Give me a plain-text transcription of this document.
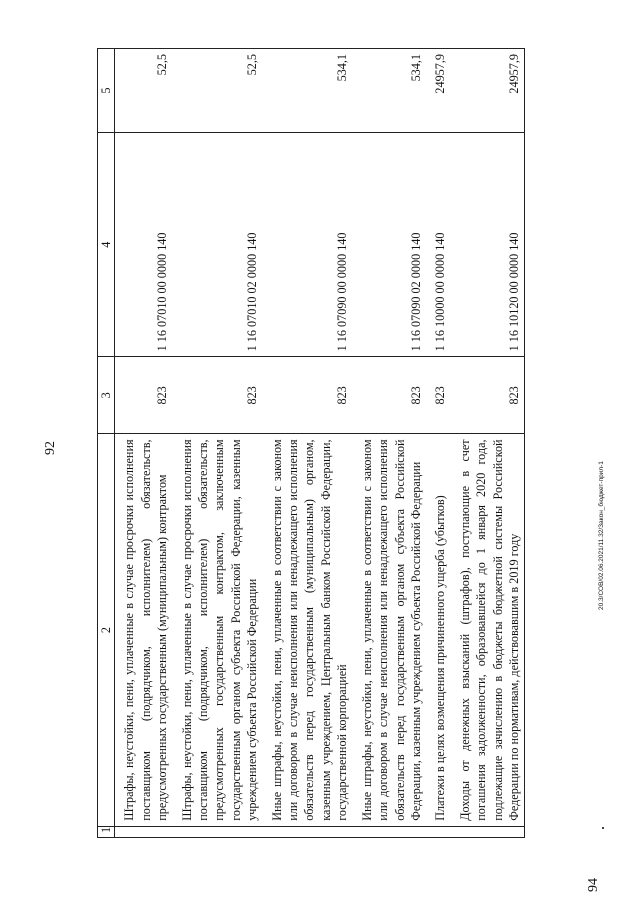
92
1	2	3	4	5
	Штрафы, неустойки, пени, уплаченные в случае просрочки исполнения поставщиком (подрядчиком, исполнителем) обязательств, предусмотренных государственным (муниципальным) контрактом	823	1 16 07010 00 0000 140	52,5
	Штрафы, неустойки, пени, уплаченные в случае просрочки исполнения поставщиком (подрядчиком, исполнителем) обязательств, предусмотренных государственным контрактом, заключенным государственным органом субъекта Российской Федерации, казенным учреждением субъекта Российской Федерации	823	1 16 07010 02 0000 140	52,5
	Иные штрафы, неустойки, пени, уплаченные в соответствии с законом или договором в случае неисполнения или ненадлежащего исполнения обязательств перед государственным (муниципальным) органом, казенным учреждением, Центральным банком Российской Федерации, государственной корпорацией	823	1 16 07090 00 0000 140	534,1
	Иные штрафы, неустойки, пени, уплаченные в соответствии с законом или договором в случае неисполнения или ненадлежащего исполнения обязательств перед государственным органом субъекта Российской Федерации, казенным учреждением субъекта Российской Федерации	823	1 16 07090 02 0000 140	534,1
	Платежи в целях возмещения причиненного ущерба (убытков)	823	1 16 10000 00 0000 140	24957,9
	Доходы от денежных взысканий (штрафов), поступающие в счет погашения задолженности, образовавшейся до 1 января 2020 года, подлежащие зачислению в бюджеты бюджетной системы Российской Федерации по нормативам, действовавшим в 2019 году	823	1 16 10120 00 0000 140	24957,9
20.3/СОВ/02.06.2021/11.32/Закон_бюджет-прил-1
94
